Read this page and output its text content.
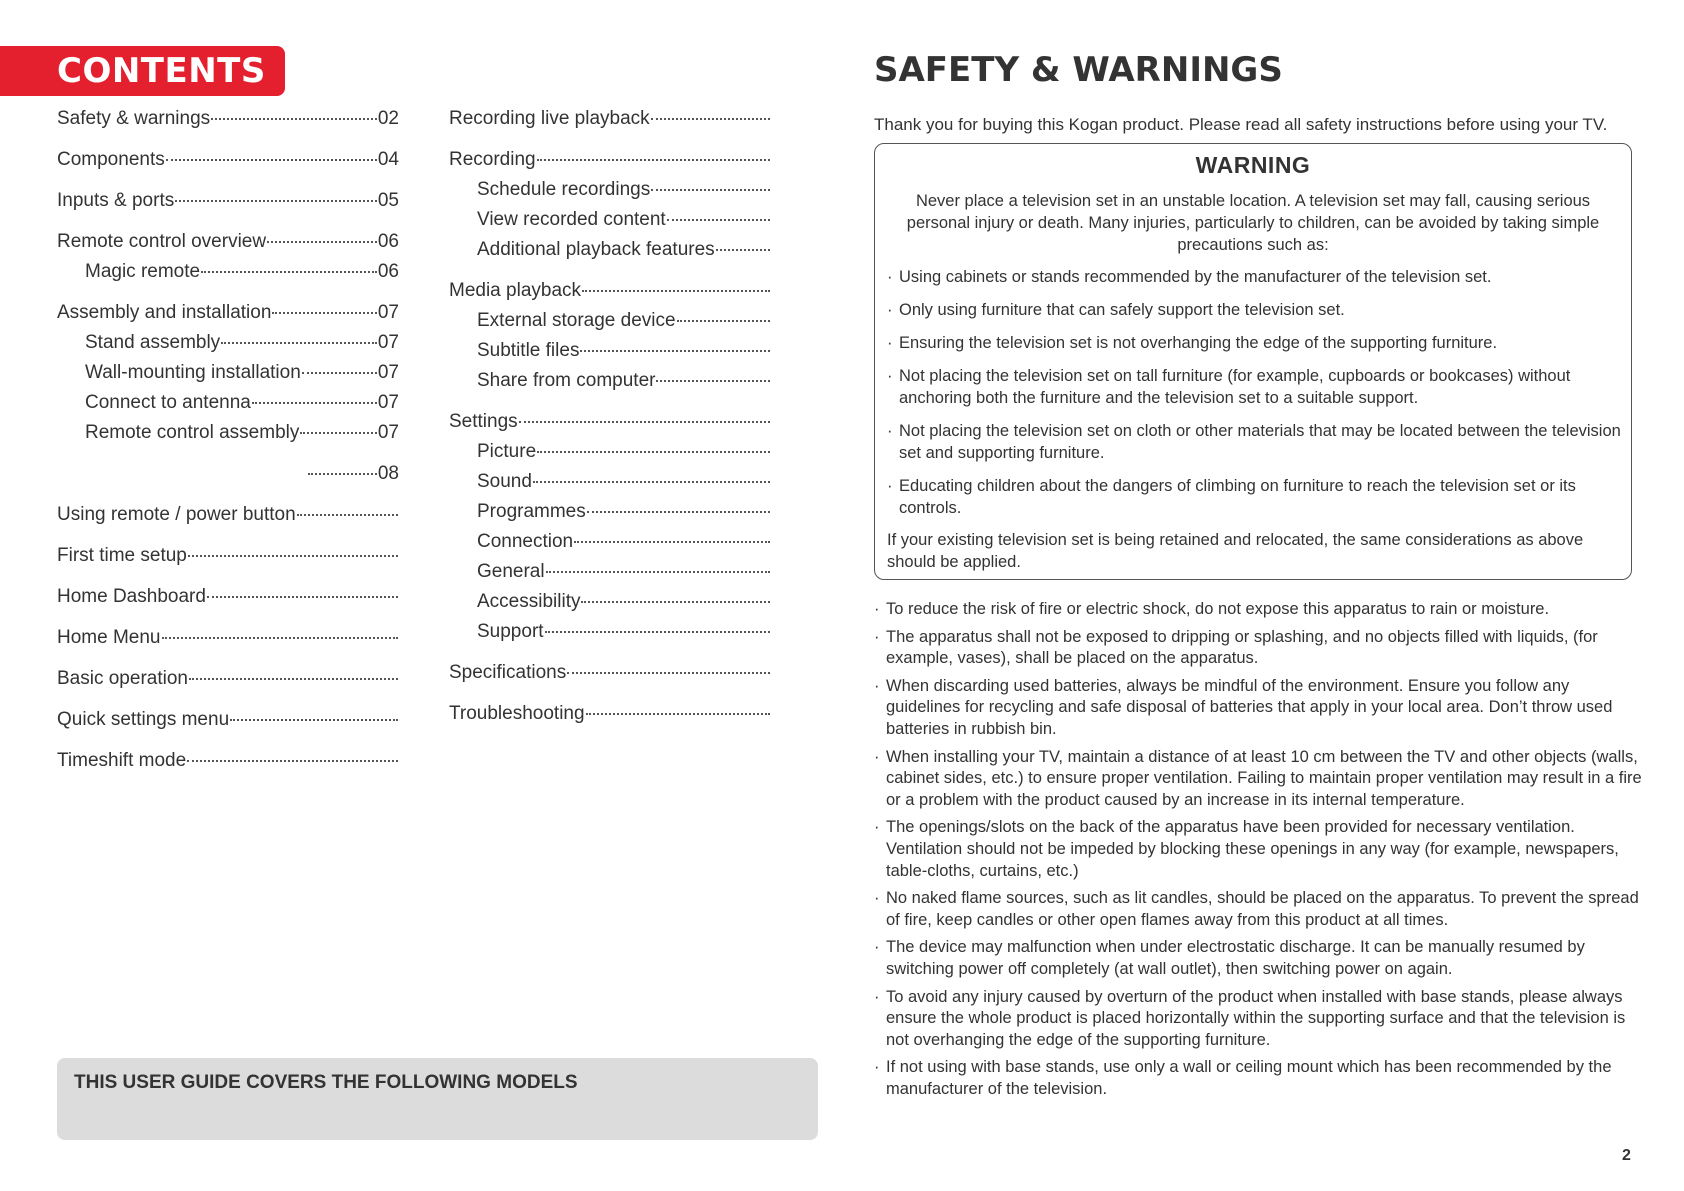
CONTENTS
Safety & warnings	02
Components	04
Inputs & ports	05
Remote control overview	06
Magic remote	06
Assembly and installation	07
Stand assembly	07
Wall-mounting installation	07
Connect to antenna	07
Remote control assembly	07
08
Using remote / power button
First time setup
Home Dashboard
Home Menu
Basic operation
Quick settings menu
Timeshift mode
Recording live playback
Recording
Schedule recordings
View recorded content
Additional playback features
Media playback
External storage device
Subtitle files
Share from computer
Settings
Picture
Sound
Programmes
Connection
General
Accessibility
Support
Specifications
Troubleshooting
THIS USER GUIDE COVERS THE FOLLOWING MODELS
SAFETY & WARNINGS

Thank you for buying this Kogan product. Please read all safety instructions before using your TV.

WARNING

Never place a television set in an unstable location. A television set may fall, causing serious personal injury or death. Many injuries, particularly to children, can be avoided by taking simple precautions such as:

· Using cabinets or stands recommended by the manufacturer of the television set.
· Only using furniture that can safely support the television set.
· Ensuring the television set is not overhanging the edge of the supporting furniture.
· Not placing the television set on tall furniture (for example, cupboards or bookcases) without anchoring both the furniture and the television set to a suitable support.
· Not placing the television set on cloth or other materials that may be located between the television set and supporting furniture.
· Educating children about the dangers of climbing on furniture to reach the television set or its controls.

If your existing television set is being retained and relocated, the same considerations as above should be applied.

· To reduce the risk of fire or electric shock, do not expose this apparatus to rain or moisture.
· The apparatus shall not be exposed to dripping or splashing, and no objects filled with liquids, (for example, vases), shall be placed on the apparatus.
· When discarding used batteries, always be mindful of the environment. Ensure you follow any guidelines for recycling and safe disposal of batteries that apply in your local area. Don’t throw used batteries in rubbish bin.
· When installing your TV, maintain a distance of at least 10 cm between the TV and other objects (walls, cabinet sides, etc.) to ensure proper ventilation. Failing to maintain proper ventilation may result in a fire or a problem with the product caused by an increase in its internal temperature.
· The openings/slots on the back of the apparatus have been provided for necessary ventilation. Ventilation should not be impeded by blocking these openings in any way (for example, newspapers, table-cloths, curtains, etc.)
· No naked flame sources, such as lit candles, should be placed on the apparatus. To prevent the spread of fire, keep candles or other open flames away from this product at all times.
· The device may malfunction when under electrostatic discharge. It can be manually resumed by switching power off completely (at wall outlet), then switching power on again.
· To avoid any injury caused by overturn of the product when installed with base stands, please always ensure the whole product is placed horizontally within the supporting surface and that the television is not overhanging the edge of the supporting furniture.
· If not using with base stands, use only a wall or ceiling mount which has been recommended by the manufacturer of the television.
2
